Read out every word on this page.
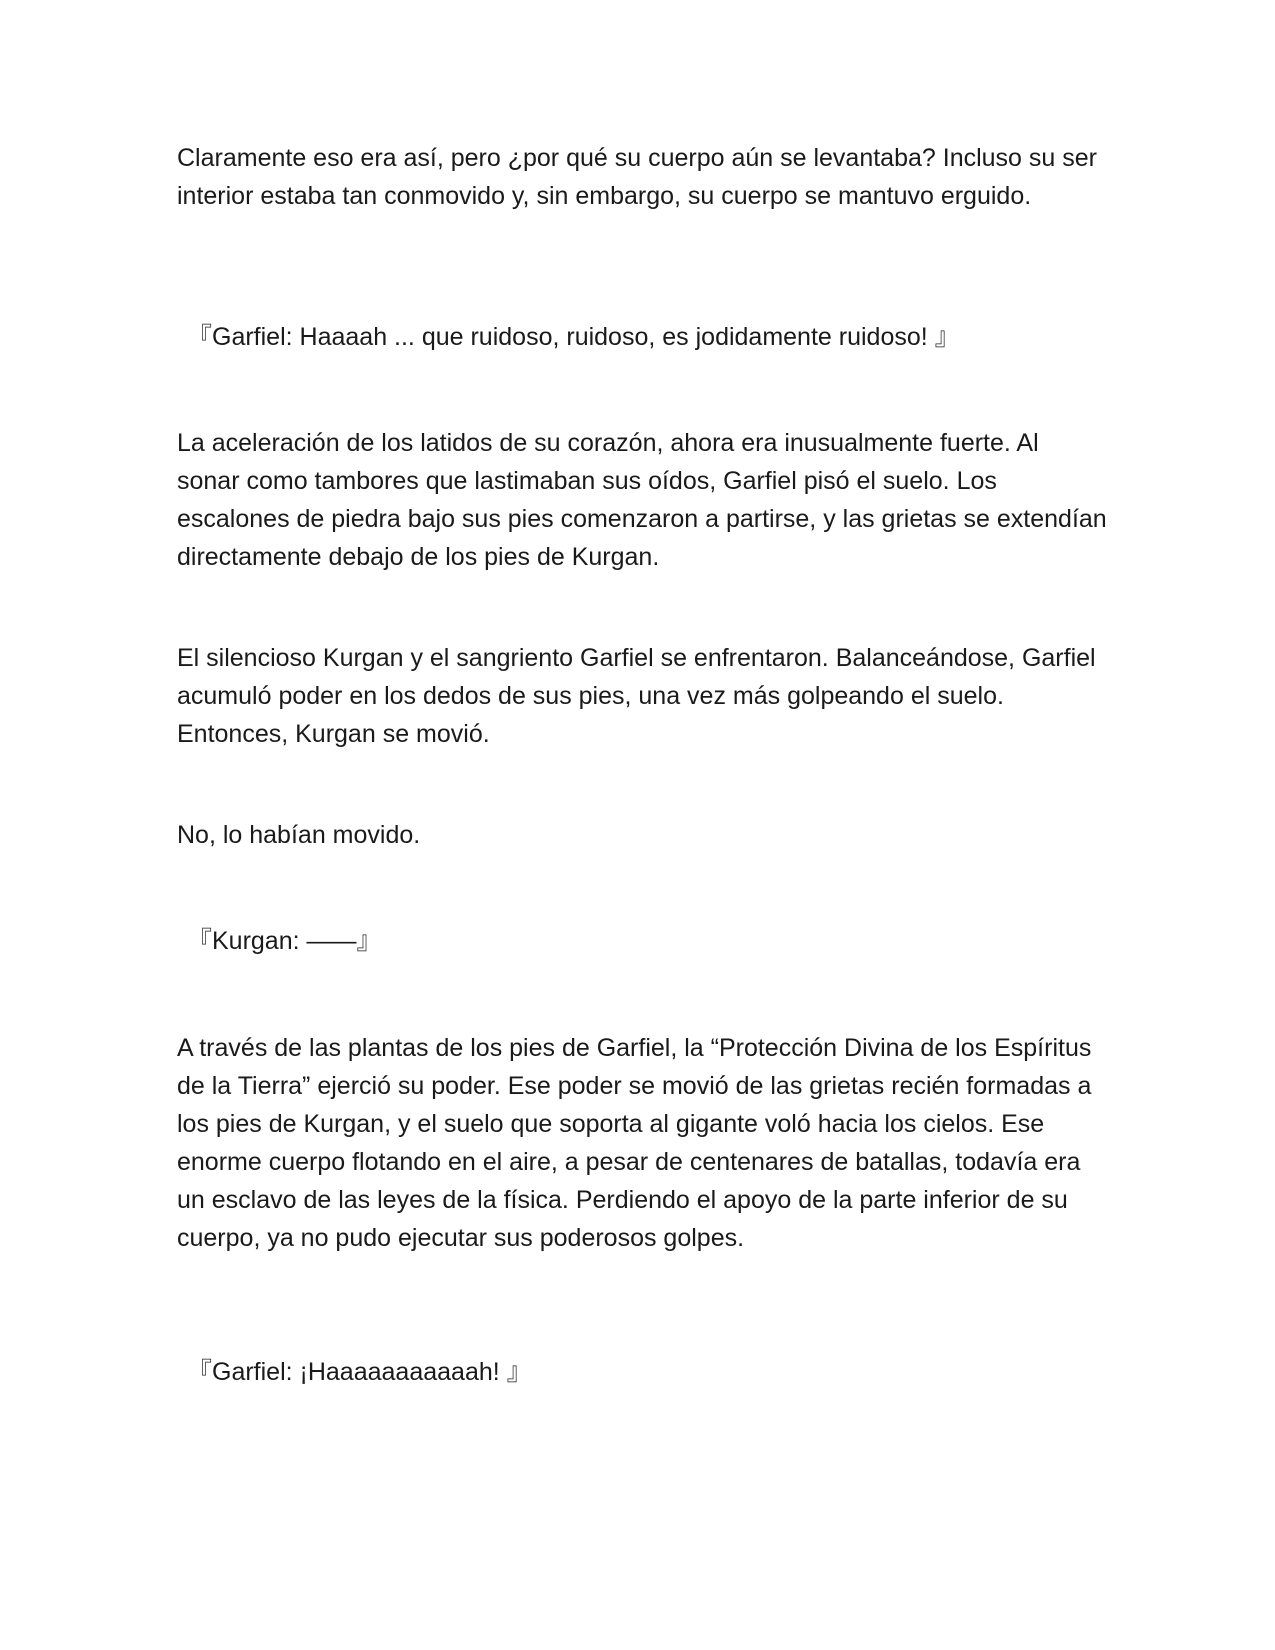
Claramente eso era así, pero ¿por qué su cuerpo aún se levantaba? Incluso su ser interior estaba tan conmovido y, sin embargo, su cuerpo se mantuvo erguido.

『Garfiel: Haaaah ... que ruidoso, ruidoso, es jodidamente ruidoso! 』

La aceleración de los latidos de su corazón, ahora era inusualmente fuerte. Al sonar como tambores que lastimaban sus oídos, Garfiel pisó el suelo. Los escalones de piedra bajo sus pies comenzaron a partirse, y las grietas se extendían directamente debajo de los pies de Kurgan.

El silencioso Kurgan y el sangriento Garfiel se enfrentaron. Balanceándose, Garfiel acumuló poder en los dedos de sus pies, una vez más golpeando el suelo. Entonces, Kurgan se movió.

No, lo habían movido.

『Kurgan: ——』

A través de las plantas de los pies de Garfiel, la “Protección Divina de los Espíritus de la Tierra” ejerció su poder. Ese poder se movió de las grietas recién formadas a los pies de Kurgan, y el suelo que soporta al gigante voló hacia los cielos. Ese enorme cuerpo flotando en el aire, a pesar de centenares de batallas, todavía era un esclavo de las leyes de la física. Perdiendo el apoyo de la parte inferior de su cuerpo, ya no pudo ejecutar sus poderosos golpes.

『Garfiel: ¡Haaaaaaaaaaah! 』
